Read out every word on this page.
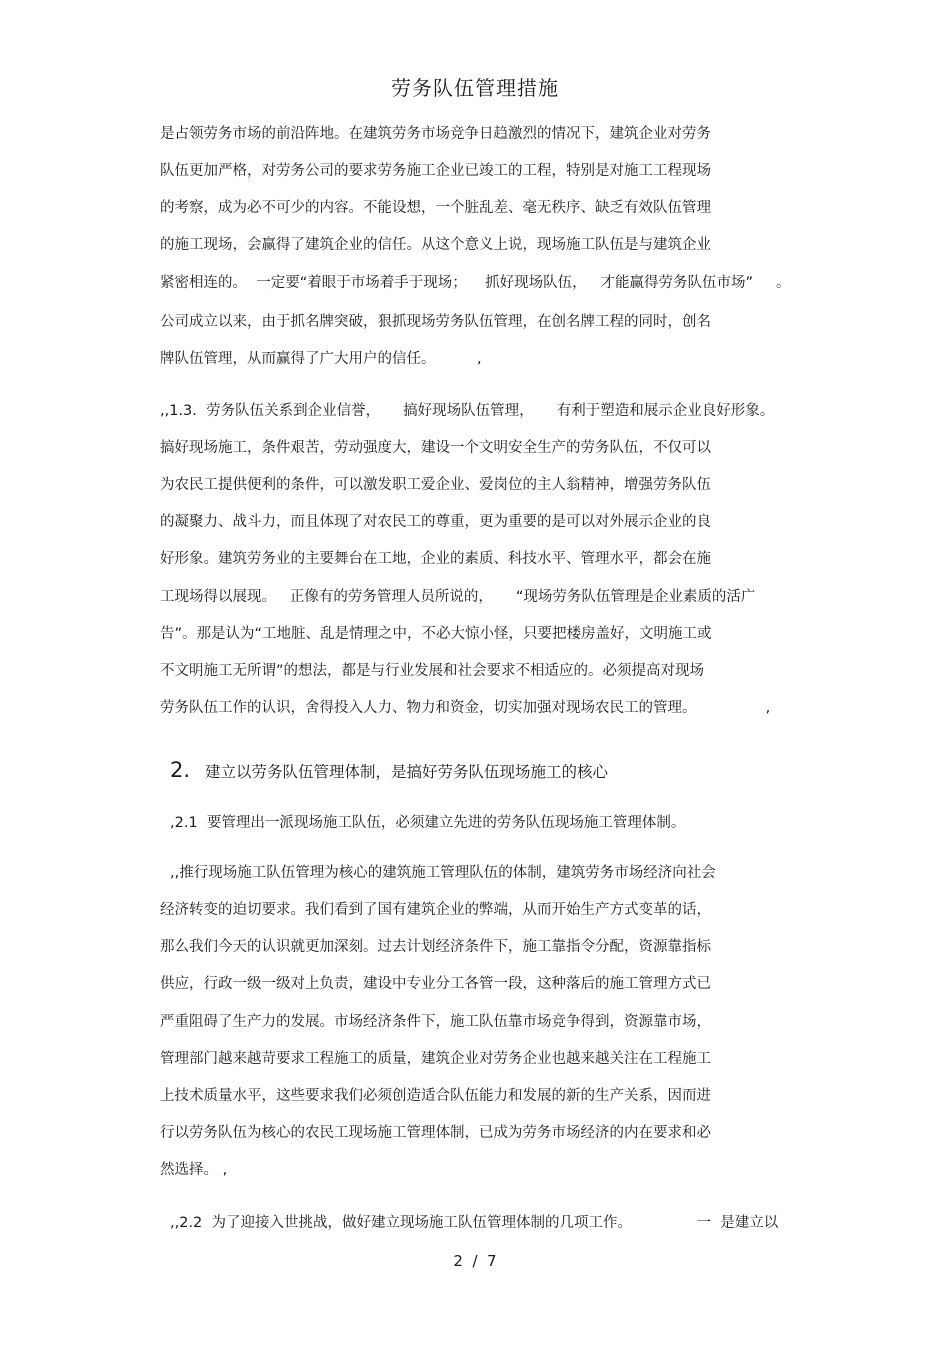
劳务队伍管理措施
是占领劳务市场的前沿阵地。在建筑劳务市场竞争日趋激烈的情况下，建筑企业对劳务
队伍更加严格，对劳务公司的要求劳务施工企业已竣工的工程，特别是对施工工程现场
的考察，成为必不可少的内容。不能设想，一个脏乱差、毫无秩序、缺乏有效队伍管理
的施工现场，会赢得了建筑企业的信任。从这个意义上说，现场施工队伍是与建筑企业
紧密相连的。  一定要“着眼于市场着手于现场；    抓好现场队伍，   才能赢得劳务队伍市场”     。
公司成立以来，由于抓名牌突破，狠抓现场劳务队伍管理，在创名牌工程的同时，创名
牌队伍管理，从而赢得了广大用户的信任。         ,
,,1.3.  劳务队伍关系到企业信誉，     搞好现场队伍管理，     有利于塑造和展示企业良好形象。
搞好现场施工，条件艰苦，劳动强度大，建设一个文明安全生产的劳务队伍，不仅可以
为农民工提供便利的条件，可以激发职工爱企业、爱岗位的主人翁精神，增强劳务队伍
的凝聚力、战斗力，而且体现了对农民工的尊重，更为重要的是可以对外展示企业的良
好形象。建筑劳务业的主要舞台在工地，企业的素质、科技水平、管理水平，都会在施
工现场得以展现。   正像有的劳务管理人员所说的，     “现场劳务队伍管理是企业素质的活广
告”。那是认为“工地脏、乱是情理之中，不必大惊小怪，只要把楼房盖好，文明施工或
不文明施工无所谓”的想法，都是与行业发展和社会要求不相适应的。必须提高对现场
劳务队伍工作的认识，舍得投入人力、物力和资金，切实加强对现场农民工的管理。               ,
2. 建立以劳务队伍管理体制，是搞好劳务队伍现场施工的核心
,2.1  要管理出一派现场施工队伍，必须建立先进的劳务队伍现场施工管理体制。
,,推行现场施工队伍管理为核心的建筑施工管理队伍的体制，建筑劳务市场经济向社会
经济转变的迫切要求。我们看到了国有建筑企业的弊端，从而开始生产方式变革的话，
那么我们今天的认识就更加深刻。过去计划经济条件下，施工靠指令分配，资源靠指标
供应，行政一级一级对上负责，建设中专业分工各管一段，这种落后的施工管理方式已
严重阻碍了生产力的发展。市场经济条件下，施工队伍靠市场竞争得到，资源靠市场，
管理部门越来越苛要求工程施工的质量，建筑企业对劳务企业也越来越关注在工程施工
上技术质量水平，这些要求我们必须创造适合队伍能力和发展的新的生产关系，因而进
行以劳务队伍为核心的农民工现场施工管理体制，已成为劳务市场经济的内在要求和必
然选择。 ,
,,2.2  为了迎接入世挑战，做好建立现场施工队伍管理体制的几项工作。              一  是建立以
2  /  7
